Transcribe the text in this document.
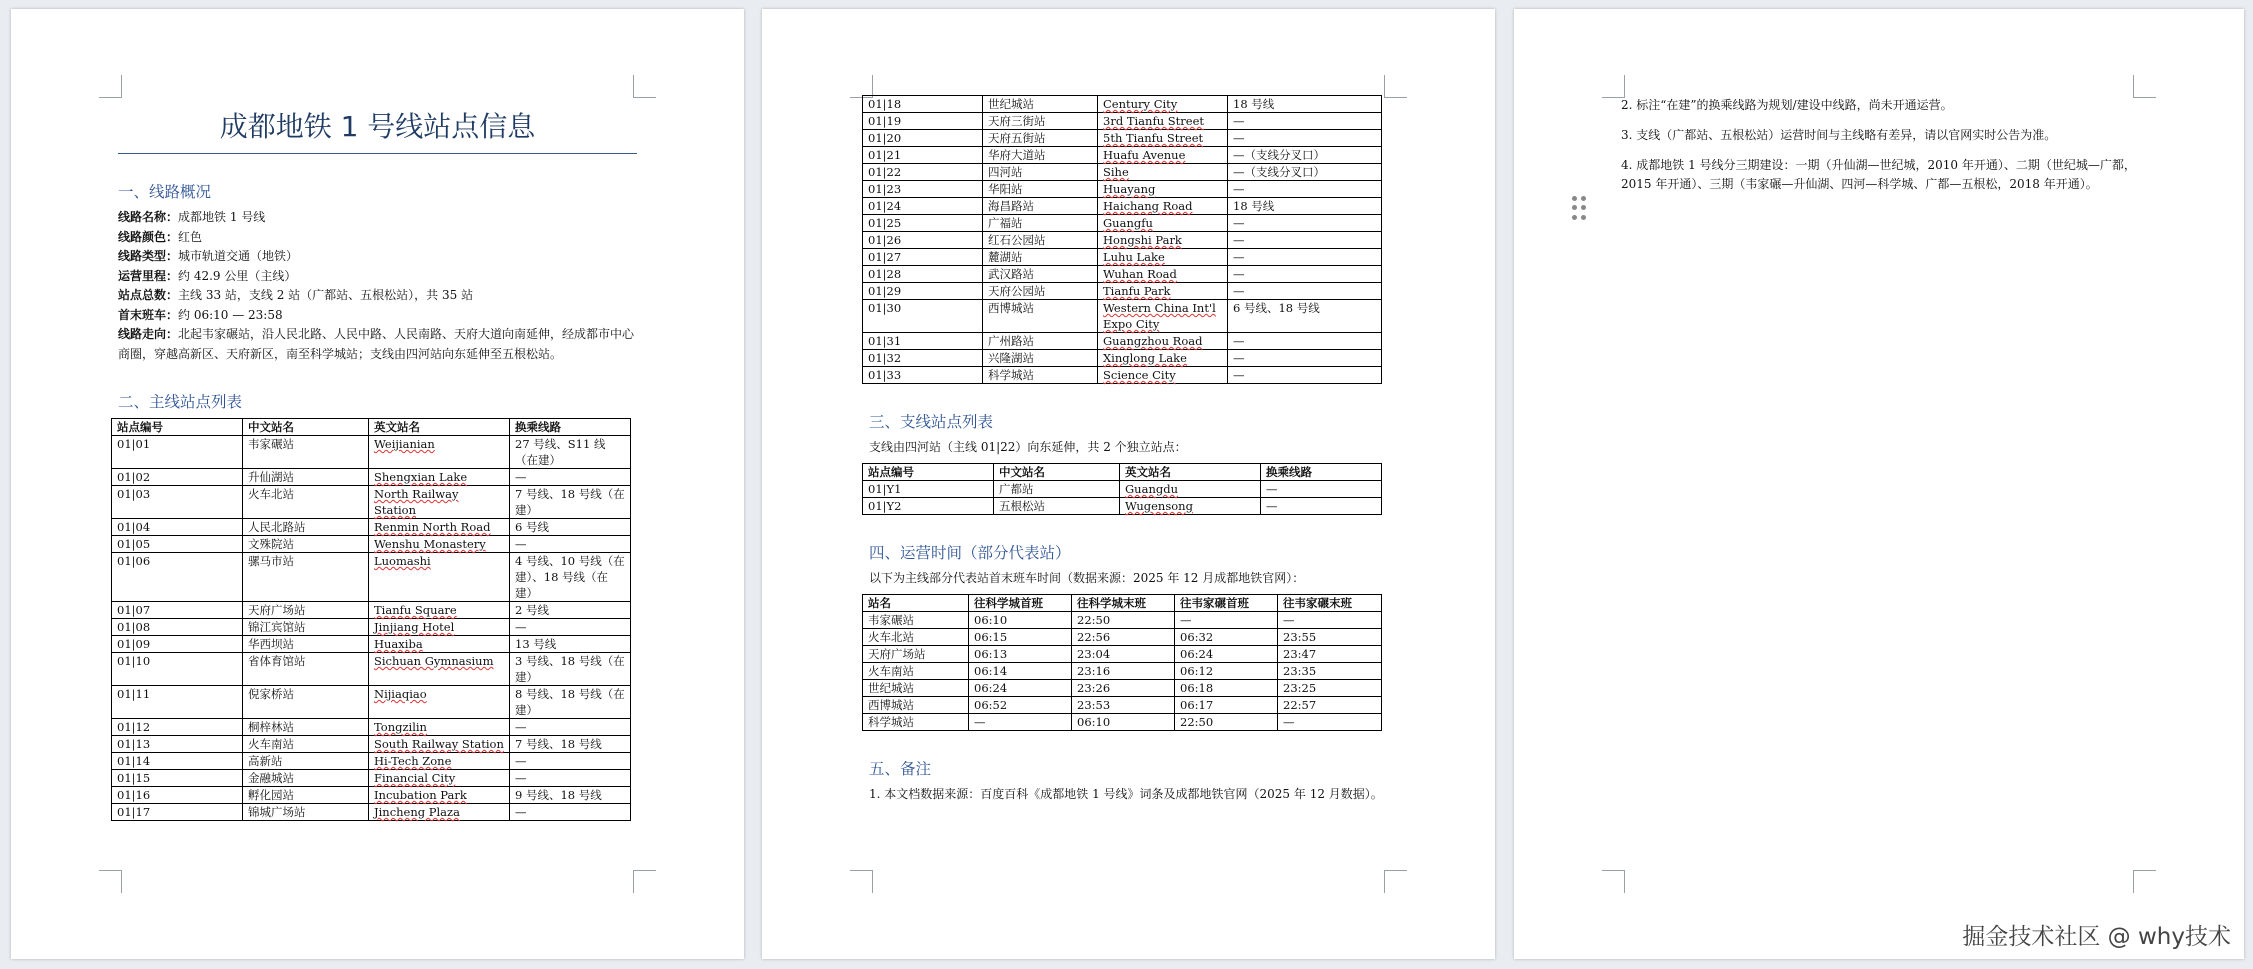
成都地铁 1 号线站点信息
一、线路概况

线路名称：成都地铁 1 号线

线路颜色：红色

线路类型：城市轨道交通（地铁）

运营里程：约 42.9 公里（主线）

站点总数：主线 33 站，支线 2 站（广都站、五根松站），共 35 站

首末班车：约 06:10 — 23:58

线路走向：北起韦家碾站，沿人民北路、人民中路、人民南路、天府大道向南延伸，经成都市中心商圈，穿越高新区、天府新区，南至科学城站；支线由四河站向东延伸至五根松站。

二、主线站点列表
站点编号	中文站名	英文站名	换乘线路
01|01	韦家碾站	Weijianian	27 号线、S11 线（在建）
01|02	升仙湖站	Shengxian Lake	—
01|03	火车北站	North Railway Station	7 号线、18 号线（在建）
01|04	人民北路站	Renmin North Road	6 号线
01|05	文殊院站	Wenshu Monastery	—
01|06	骡马市站	Luomashi	4 号线、10 号线（在建）、18 号线（在建）
01|07	天府广场站	Tianfu Square	2 号线
01|08	锦江宾馆站	Jinjiang Hotel	—
01|09	华西坝站	Huaxiba	13 号线
01|10	省体育馆站	Sichuan Gymnasium	3 号线、18 号线（在建）
01|11	倪家桥站	Nijiaqiao	8 号线、18 号线（在建）
01|12	桐梓林站	Tongzilin	—
01|13	火车南站	South Railway Station	7 号线、18 号线
01|14	高新站	Hi-Tech Zone	—
01|15	金融城站	Financial City	—
01|16	孵化园站	Incubation Park	9 号线、18 号线
01|17	锦城广场站	Jincheng Plaza	—
01|18	世纪城站	Century City	18 号线
01|19	天府三街站	3rd Tianfu Street	—
01|20	天府五街站	5th Tianfu Street	—
01|21	华府大道站	Huafu Avenue	—（支线分叉口）
01|22	四河站	Sihe	—（支线分叉口）
01|23	华阳站	Huayang	—
01|24	海昌路站	Haichang Road	18 号线
01|25	广福站	Guangfu	—
01|26	红石公园站	Hongshi Park	—
01|27	麓湖站	Luhu Lake	—
01|28	武汉路站	Wuhan Road	—
01|29	天府公园站	Tianfu Park	—
01|30	西博城站	Western China Int'l Expo City	6 号线、18 号线
01|31	广州路站	Guangzhou Road	—
01|32	兴隆湖站	Xinglong Lake	—
01|33	科学城站	Science City	—
三、支线站点列表

支线由四河站（主线 01|22）向东延伸，共 2 个独立站点：

站点编号	中文站名	英文站名	换乘线路
01|Y1	广都站	Guangdu	—
01|Y2	五根松站	Wugensong	—
四、运营时间（部分代表站）

以下为主线部分代表站首末班车时间（数据来源：2025 年 12 月成都地铁官网）：

站名	往科学城首班	往科学城末班	往韦家碾首班	往韦家碾末班
韦家碾站	06:10	22:50	—	—
火车北站	06:15	22:56	06:32	23:55
天府广场站	06:13	23:04	06:24	23:47
火车南站	06:14	23:16	06:12	23:35
世纪城站	06:24	23:26	06:18	23:25
西博城站	06:52	23:53	06:17	22:57
科学城站	—	06:10	22:50	—
五、备注

1. 本文档数据来源：百度百科《成都地铁 1 号线》词条及成都地铁官网（2025 年 12 月数据）。

2. 标注“在建”的换乘线路为规划/建设中线路，尚未开通运营。

3. 支线（广都站、五根松站）运营时间与主线略有差异，请以官网实时公告为准。

4. 成都地铁 1 号线分三期建设：一期（升仙湖—世纪城，2010 年开通）、二期（世纪城—广都，2015 年开通）、三期（韦家碾—升仙湖、四河—科学城、广都—五根松，2018 年开通）。

掘金技术社区 @ why技术
